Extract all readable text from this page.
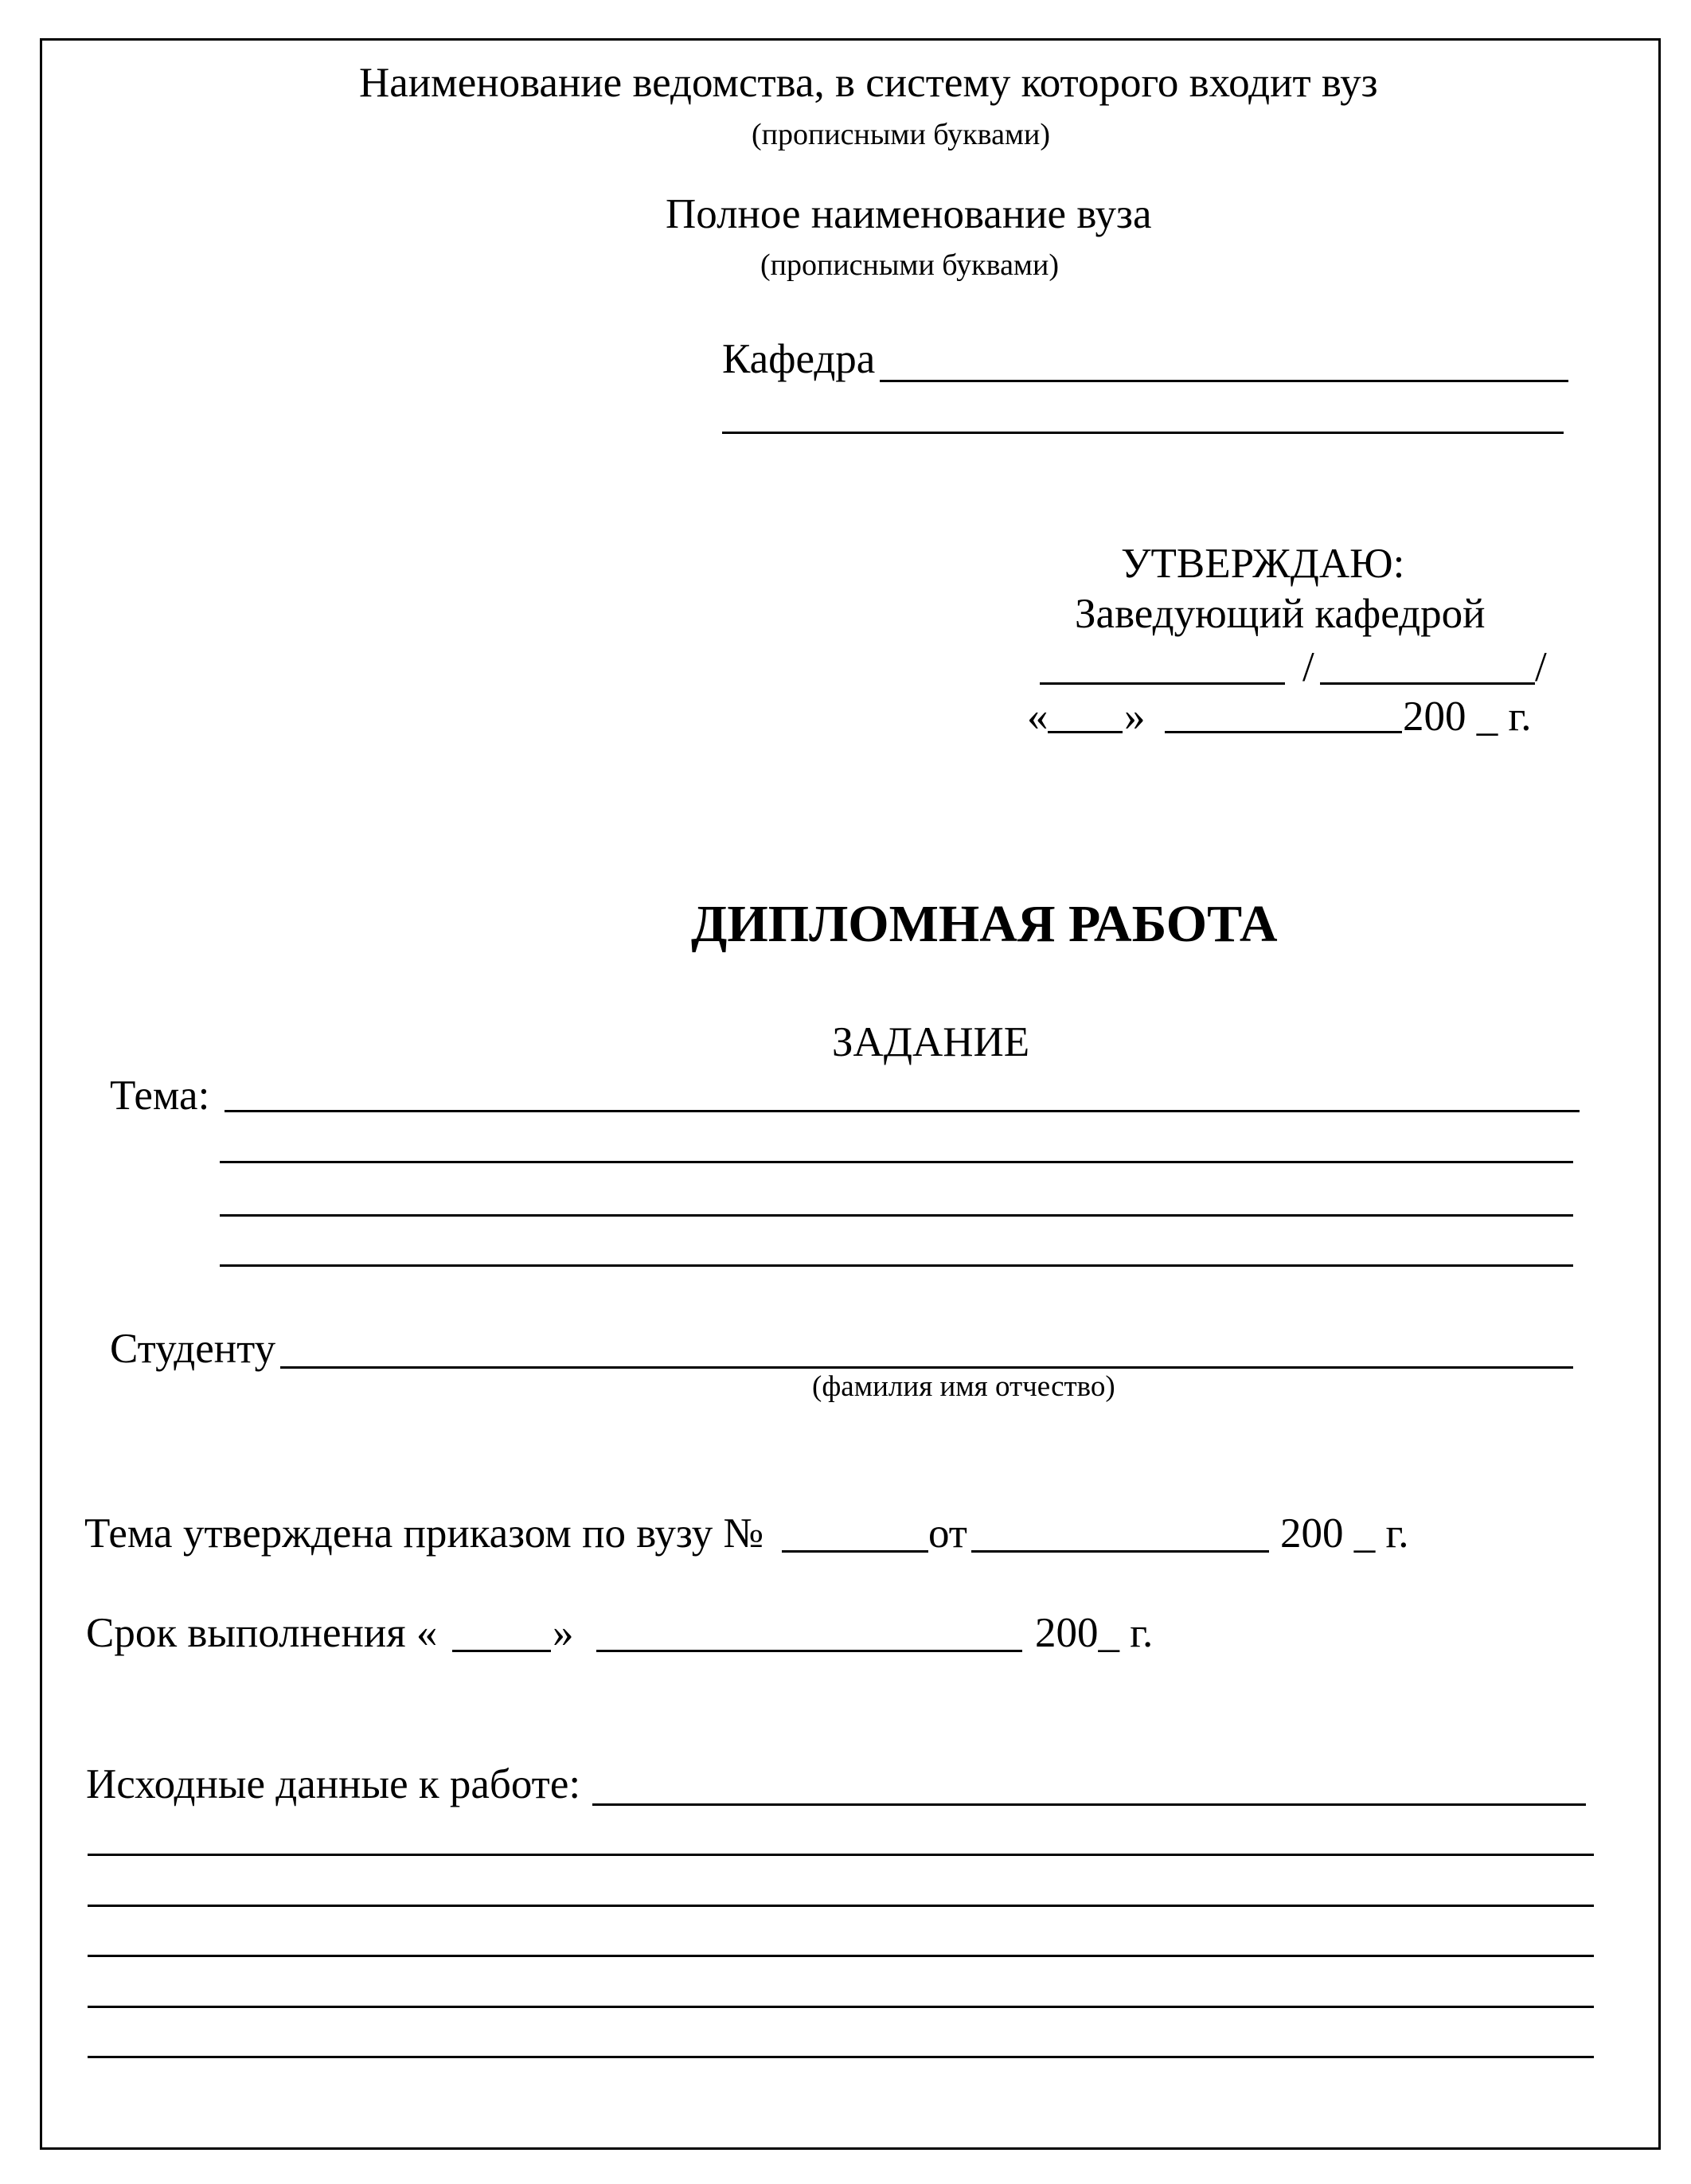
Наименование ведомства, в систему которого входит вуз
(прописными буквами)
Полное наименование вуза
(прописными буквами)
Кафедра
УТВЕРЖДАЮ:
Заведующий кафедрой
/	/
« »	200 _ г.
ДИПЛОМНАЯ РАБОТА
ЗАДАНИЕ
Тема:
Студенту
(фамилия имя отчество)
Тема утверждена приказом по вузу №	от	200 _ г.
Срок выполнения «	»	200_ г.
Исходные данные к работе:
